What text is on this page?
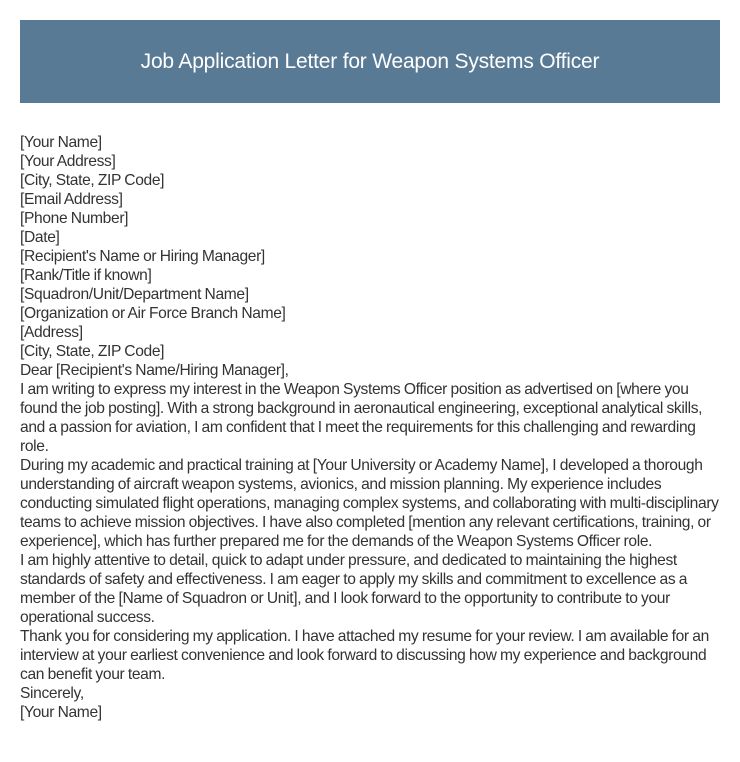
Job Application Letter for Weapon Systems Officer
[Your Name]
[Your Address]
[City, State, ZIP Code]
[Email Address]
[Phone Number]
[Date]
[Recipient's Name or Hiring Manager]
[Rank/Title if known]
[Squadron/Unit/Department Name]
[Organization or Air Force Branch Name]
[Address]
[City, State, ZIP Code]

Dear [Recipient's Name/Hiring Manager],

I am writing to express my interest in the Weapon Systems Officer position as advertised on [where you found the job posting]. With a strong background in aeronautical engineering, exceptional analytical skills, and a passion for aviation, I am confident that I meet the requirements for this challenging and rewarding role.

During my academic and practical training at [Your University or Academy Name], I developed a thorough understanding of aircraft weapon systems, avionics, and mission planning. My experience includes conducting simulated flight operations, managing complex systems, and collaborating with multi-disciplinary teams to achieve mission objectives. I have also completed [mention any relevant certifications, training, or experience], which has further prepared me for the demands of the Weapon Systems Officer role.

I am highly attentive to detail, quick to adapt under pressure, and dedicated to maintaining the highest standards of safety and effectiveness. I am eager to apply my skills and commitment to excellence as a member of the [Name of Squadron or Unit], and I look forward to the opportunity to contribute to your operational success.

Thank you for considering my application. I have attached my resume for your review. I am available for an interview at your earliest convenience and look forward to discussing how my experience and background can benefit your team.

Sincerely,

[Your Name]
